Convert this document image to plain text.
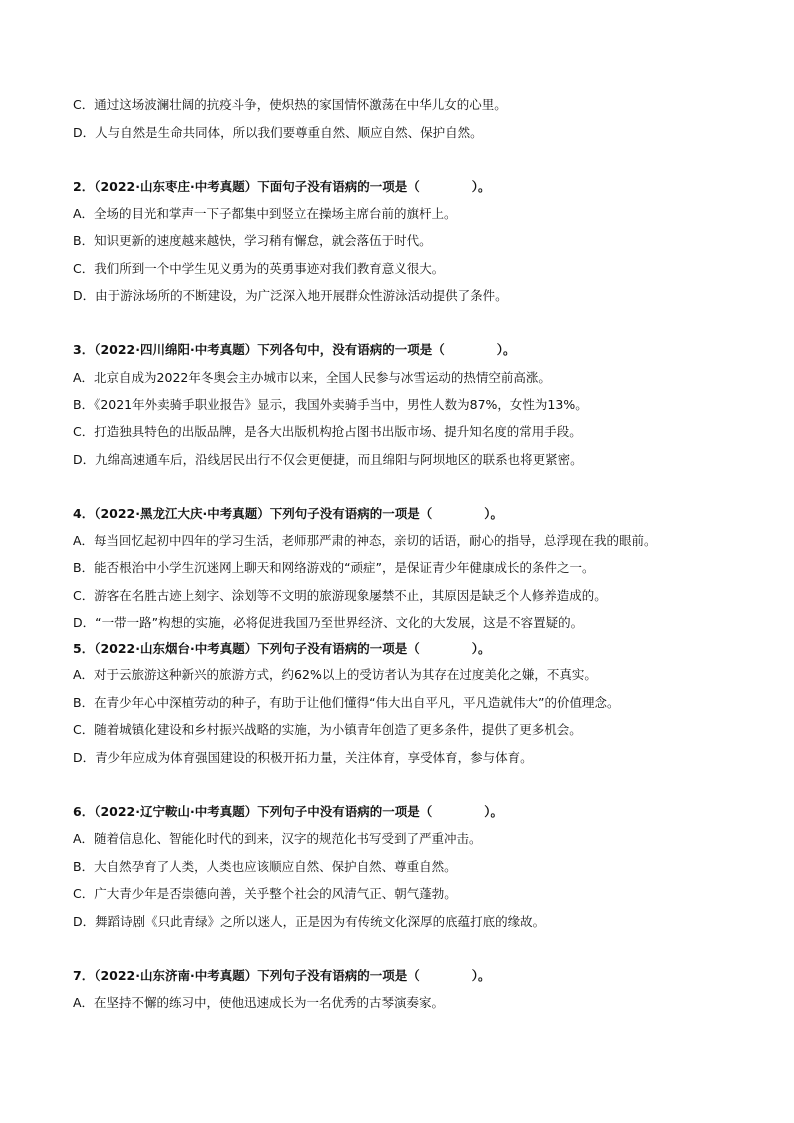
C．通过这场波澜壮阔的抗疫斗争，使炽热的家国情怀激荡在中华儿女的心里。
D．人与自然是生命共同体，所以我们要尊重自然、顺应自然、保护自然。
2．（2022·山东枣庄·中考真题）下面句子没有语病的一项是（	）。
A．全场的目光和掌声一下子都集中到竖立在操场主席台前的旗杆上。
B．知识更新的速度越来越快，学习稍有懈怠，就会落伍于时代。
C．我们所到一个中学生见义勇为的英勇事迹对我们教育意义很大。
D．由于游泳场所的不断建设，为广泛深入地开展群众性游泳活动提供了条件。
3．（2022·四川绵阳·中考真题）下列各句中，没有语病的一项是（	）。
A．北京自成为2022年冬奥会主办城市以来，全国人民参与冰雪运动的热情空前高涨。
B．《2021年外卖骑手职业报告》显示，我国外卖骑手当中，男性人数为87%，女性为13%。
C．打造独具特色的出版品牌，是各大出版机构抢占图书出版市场、提升知名度的常用手段。
D．九绵高速通车后，沿线居民出行不仅会更便捷，而且绵阳与阿坝地区的联系也将更紧密。
4．（2022·黑龙江大庆·中考真题）下列句子没有语病的一项是（	）。
A．每当回忆起初中四年的学习生活，老师那严肃的神态，亲切的话语，耐心的指导，总浮现在我的眼前。
B．能否根治中小学生沉迷网上聊天和网络游戏的“顽症”，是保证青少年健康成长的条件之一。
C．游客在名胜古迹上刻字、涂划等不文明的旅游现象屡禁不止，其原因是缺乏个人修养造成的。
D．“一带一路”构想的实施，必将促进我国乃至世界经济、文化的大发展，这是不容置疑的。
5．（2022·山东烟台·中考真题）下列句子没有语病的一项是（	）。
A．对于云旅游这种新兴的旅游方式，约62%以上的受访者认为其存在过度美化之嫌，不真实。
B．在青少年心中深植劳动的种子，有助于让他们懂得“伟大出自平凡，平凡造就伟大”的价值理念。
C．随着城镇化建设和乡村振兴战略的实施，为小镇青年创造了更多条件，提供了更多机会。
D．青少年应成为体育强国建设的积极开拓力量，关注体育，享受体育，参与体育。
6．（2022·辽宁鞍山·中考真题）下列句子中没有语病的一项是（	）。
A．随着信息化、智能化时代的到来，汉字的规范化书写受到了严重冲击。
B．大自然孕育了人类，人类也应该顺应自然、保护自然、尊重自然。
C．广大青少年是否崇德向善，关乎整个社会的风清气正、朝气蓬勃。
D．舞蹈诗剧《只此青绿》之所以迷人，正是因为有传统文化深厚的底蕴打底的缘故。
7．（2022·山东济南·中考真题）下列句子没有语病的一项是（	）。
A．在坚持不懈的练习中，使他迅速成长为一名优秀的古琴演奏家。
